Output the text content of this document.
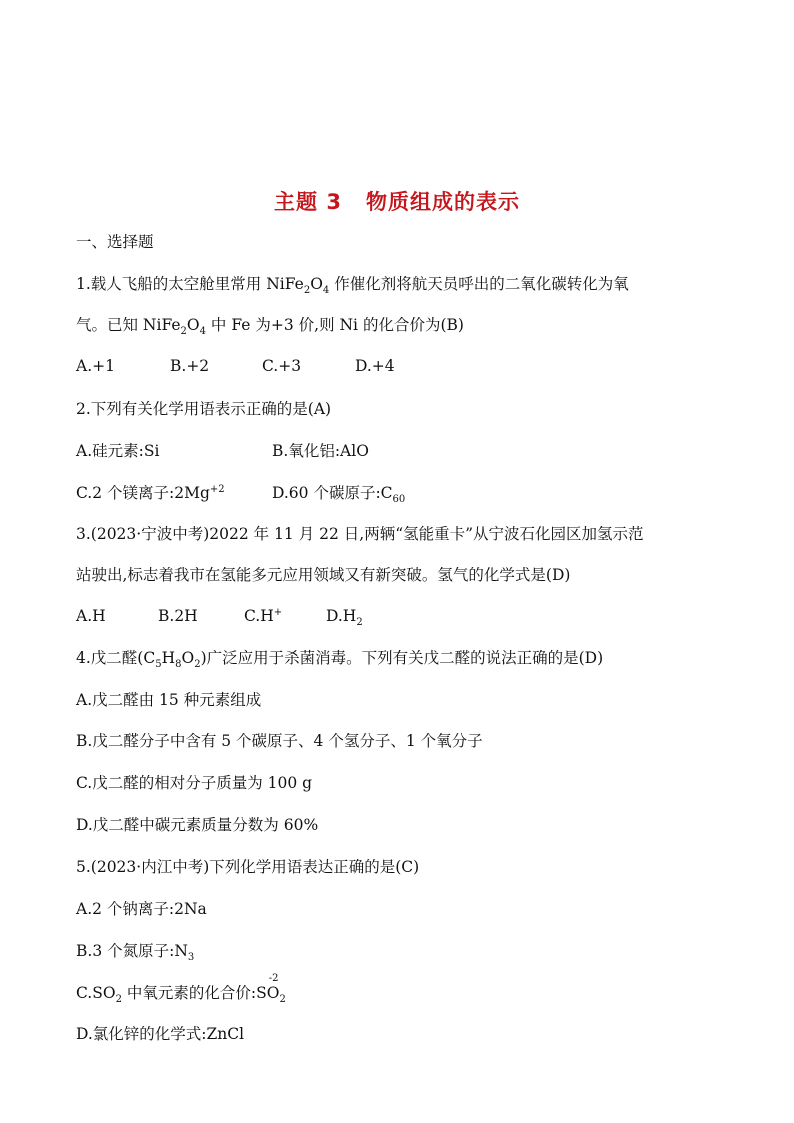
主题 3 物质组成的表示
一、选择题
1.载人飞船的太空舱里常用 $NiFe_2O_4$ 作催化剂将航天员呼出的二氧化碳转化为氧
气。已知 $NiFe_2O_4$ 中 Fe 为+3 价,则 Ni 的化合价为(B)
A.+1	B.+2	C.+3	D.+4
2.下列有关化学用语表示正确的是(A)
A.硅元素:Si	B.氧化铝:AlO
C.2 个镁离子$:2Mg^{+2}$	D.60 个碳原子$:C_{60}$
3.(2023·宁波中考)2022 年 11 月 22 日,两辆“氢能重卡”从宁波石化园区加氢示范
站驶出,标志着我市在氢能多元应用领域又有新突破。氢气的化学式是(D)
A.H	B.2H	C.H+	$D.H_2$
4.戊二醛$(C_5H_8O_2)$广泛应用于杀菌消毒。下列有关戊二醛的说法正确的是(D)
A.戊二醛由 15 种元素组成
B.戊二醛分子中含有 5 个碳原子、4 个氢分子、1 个氧分子
C.戊二醛的相对分子质量为 100 g
D.戊二醛中碳元素质量分数为 60%
5.(2023·内江中考)下列化学用语表达正确的是(C)
A.2 个钠离子:2Na
B.3 个氮原子$:N_3$
$C.SO_2$ 中氧元素的化合价:S
-2
$O_2$
D.氯化锌的化学式:ZnCl
